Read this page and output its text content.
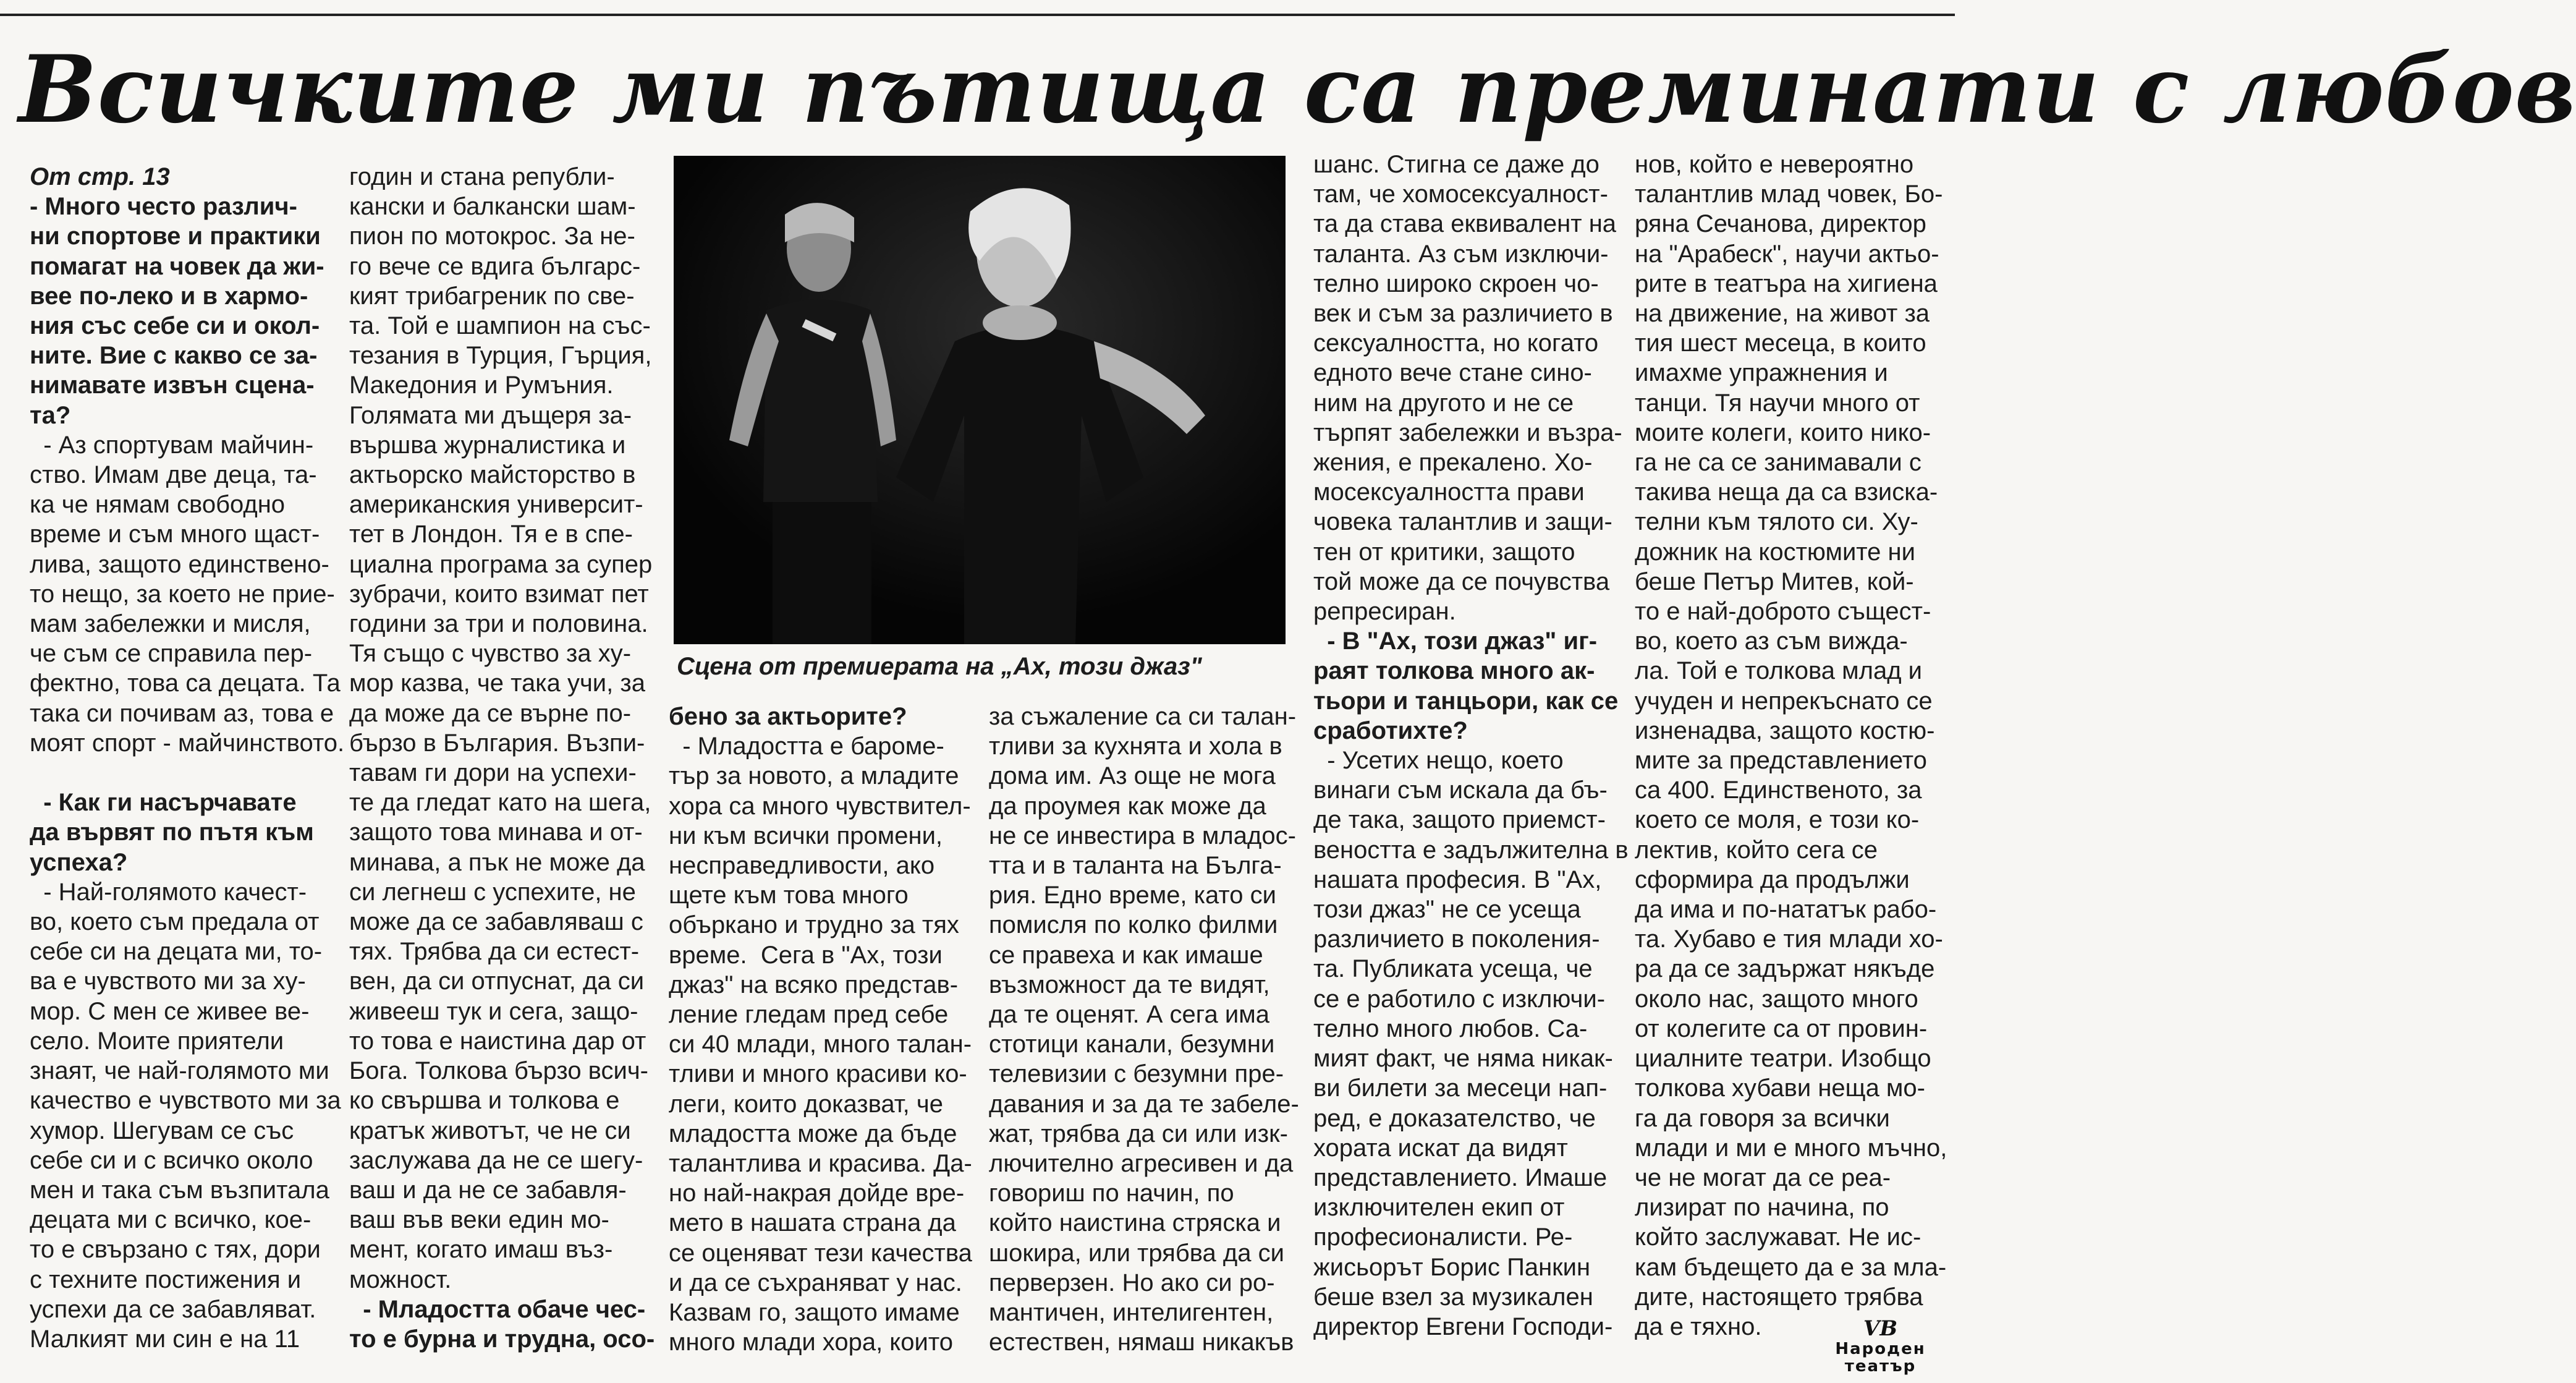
Всичките ми пътища са преминати с любов

От стр. 13

- Много често различ-

ни спортове и практики

помагат на човек да жи-

вее по-леко и в хармо-

ния със себе си и окол-

ните. Вие с какво се за-

нимавате извън сцена-

та?

- Аз спортувам майчин-

ство. Имам две деца, та-

ка че нямам свободно

време и съм много щаст-

лива, защото единствено-

то нещо, за което не прие-

мам забележки и мисля,

че съм се справила пер-

фектно, това са децата. Та

така си почивам аз, това е

моят спорт - майчинството.

- Как ги насърчавате

да вървят по пътя към

успеха?

- Най-голямото качест-

во, което съм предала от

себе си на децата ми, то-

ва е чувството ми за ху-

мор. С мен се живее ве-

село. Моите приятели

знаят, че най-голямото ми

качество е чувството ми за

хумор. Шегувам се със

себе си и с всичко около

мен и така съм възпитала

децата ми с всичко, кое-

то е свързано с тях, дори

с техните постижения и

успехи да се забавляват.

Малкият ми син е на 11

годин и стана републи-

кански и балкански шам-

пион по мотокрос. За не-

го вече се вдига българс-

кият трибагреник по све-

та. Той е шампион на със-

тезания в Турция, Гърция,

Македония и Румъния.

Голямата ми дъщеря за-

вършва журналистика и

актьорско майсторство в

американския университ-

тет в Лондон. Тя е в спе-

циална програма за супер

зубрачи, които взимат пет

години за три и половина.

Тя също с чувство за ху-

мор казва, че така учи, за

да може да се върне по-

бързо в България. Възпи-

тавам ги дори на успехи-

те да гледат като на шега,

защото това минава и от-

минава, а пък не може да

си легнеш с успехите, не

може да се забавляваш с

тях. Трябва да си естест-

вен, да си отпуснат, да си

живееш тук и сега, защо-

то това е наистина дар от

Бога. Толкова бързо всич-

ко свършва и толкова е

кратък животът, че не си

заслужава да не се шегу-

ваш и да не се забавля-

ваш във веки един мо-

мент, когато имаш въз-

можност.

- Младостта обаче чес-

то е бурна и трудна, осо-

Сцена от премиерата на „Ах, този джаз"

бено за актьорите?

- Младостта е бароме-

тър за новото, а младите

хора са много чувствител-

ни към всички промени,

несправедливости, ако

щете към това много

объркано и трудно за тях

време.  Сега в "Ах, този

джаз" на всяко представ-

ление гледам пред себе

си 40 млади, много талан-

тливи и много красиви ко-

леги, които доказват, че

младостта може да бъде

талантлива и красива. Да-

но най-накрая дойде вре-

мето в нашата страна да

се оценяват тези качества

и да се съхраняват у нас.

Казвам го, защото имаме

много млади хора, които

за съжаление са си талан-

тливи за кухнята и хола в

дома им. Аз още не мога

да проумея как може да

не се инвестира в младос-

тта и в таланта на Бълга-

рия. Едно време, като си

помисля по колко филми

се правеха и как имаше

възможност да те видят,

да те оценят. А сега има

стотици канали, безумни

телевизии с безумни пре-

давания и за да те забеле-

жат, трябва да си или изк-

лючително агресивен и да

говориш по начин, по

който наистина стряска и

шокира, или трябва да си

перверзен. Но ако си ро-

мантичен, интелигентен,

естествен, нямаш никакъв

шанс. Стигна се даже до

там, че хомосексуалност-

та да става еквивалент на

таланта. Аз съм изключи-

телно широко скроен чо-

век и съм за различието в

сексуалността, но когато

едното вече стане сино-

ним на другото и не се

търпят забележки и възра-

жения, е прекалено. Хо-

мосексуалността прави

човека талантлив и защи-

тен от критики, защото

той може да се почувства

репресиран.

- В "Ах, този джаз" иг-

раят толкова много ак-

тьори и танцьори, как се

сработихте?

- Усетих нещо, което

винаги съм искала да бъ-

де така, защото приемст-

веността е задължителна в

нашата професия. В "Ах,

този джаз" не се усеща

различието в поколения-

та. Публиката усеща, че

се е работило с изключи-

телно много любов. Са-

мият факт, че няма никак-

ви билети за месеци нап-

ред, е доказателство, че

хората искат да видят

представлението. Имаше

изключителен екип от

професионалисти. Ре-

жисьорът Борис Панкин

беше взел за музикален

директор Евгени Господи-

нов, който е невероятно

талантлив млад човек, Бо-

ряна Сечанова, директор

на "Арабеск", научи актьо-

рите в театъра на хигиена

на движение, на живот за

тия шест месеца, в които

имахме упражнения и

танци. Тя научи много от

моите колеги, които нико-

га не са се занимавали с

такива неща да са взиска-

телни към тялото си. Ху-

дожник на костюмите ни

беше Петър Митев, кой-

то е най-доброто същест-

во, което аз съм виждa-

ла. Той е толкова млад и

учуден и непрекъснато се

изненадва, защото костю-

мите за представлението

са 400. Единственото, за

което се моля, е този ко-

лектив, който сега се

сформира да продължи

да има и по-нататък рабо-

та. Хубаво е тия млади хо-

ра да се задържат някъде

около нас, защото много

от колегите са от провин-

циалните театри. Изобщо

толкова хубави неща мо-

га да говоря за всички

млади и ми е много мъчно,

че не могат да се реа-

лизират по начина, по

който заслужават. Не ис-

кам бъдещето да е за мла-

дите, настоящето трябва

да е тяхно.	VB
Народен театър
